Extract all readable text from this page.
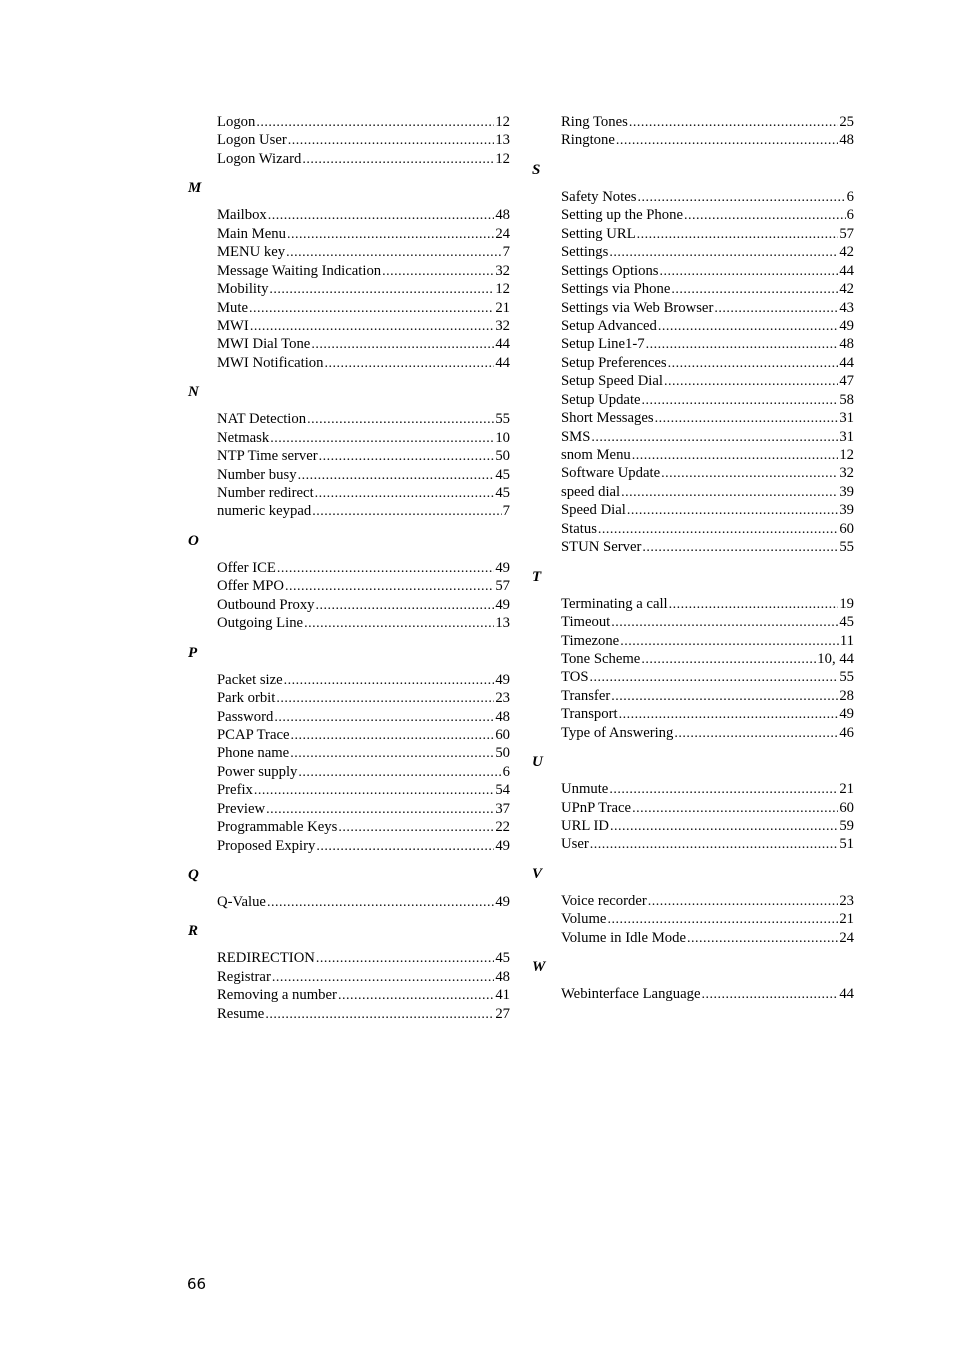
Logon .....	12
Logon User .....	13
Logon Wizard .....	12
M
Mailbox .....	48
Main Menu .....	24
MENU key .....	7
Message Waiting Indication .....	32
Mobility .....	12
Mute .....	21
MWI .....	32
MWI Dial Tone .....	44
MWI Notification .....	44
N
NAT Detection .....	55
Netmask .....	10
NTP Time server .....	50
Number busy .....	45
Number redirect .....	45
numeric keypad .....	7
O
Offer ICE .....	49
Offer MPO .....	57
Outbound Proxy .....	49
Outgoing Line .....	13
P
Packet size .....	49
Park orbit .....	23
Password .....	48
PCAP Trace .....	60
Phone name .....	50
Power supply .....	6
Prefix .....	54
Preview .....	37
Programmable Keys .....	22
Proposed Expiry .....	49
Q
Q-Value .....	49
R
REDIRECTION .....	45
Registrar .....	48
Removing a number .....	41
Resume .....	27
Ring Tones .....	25
Ringtone .....	48
S
Safety Notes .....	6
Setting up the Phone .....	6
Setting URL .....	57
Settings .....	42
Settings Options .....	44
Settings via Phone .....	42
Settings via Web Browser .....	43
Setup Advanced .....	49
Setup Line1-7 .....	48
Setup Preferences .....	44
Setup Speed Dial .....	47
Setup Update .....	58
Short Messages .....	31
SMS .....	31
snom Menu .....	12
Software Update .....	32
speed dial .....	39
Speed Dial .....	39
Status .....	60
STUN Server .....	55
T
Terminating a call .....	19
Timeout .....	45
Timezone .....	11
Tone Scheme .....	10, 44
TOS .....	55
Transfer .....	28
Transport .....	49
Type of Answering .....	46
U
Unmute .....	21
UPnP Trace .....	60
URL ID .....	59
User .....	51
V
Voice recorder .....	23
Volume .....	21
Volume in Idle Mode .....	24
W
Webinterface Language .....	44
66
